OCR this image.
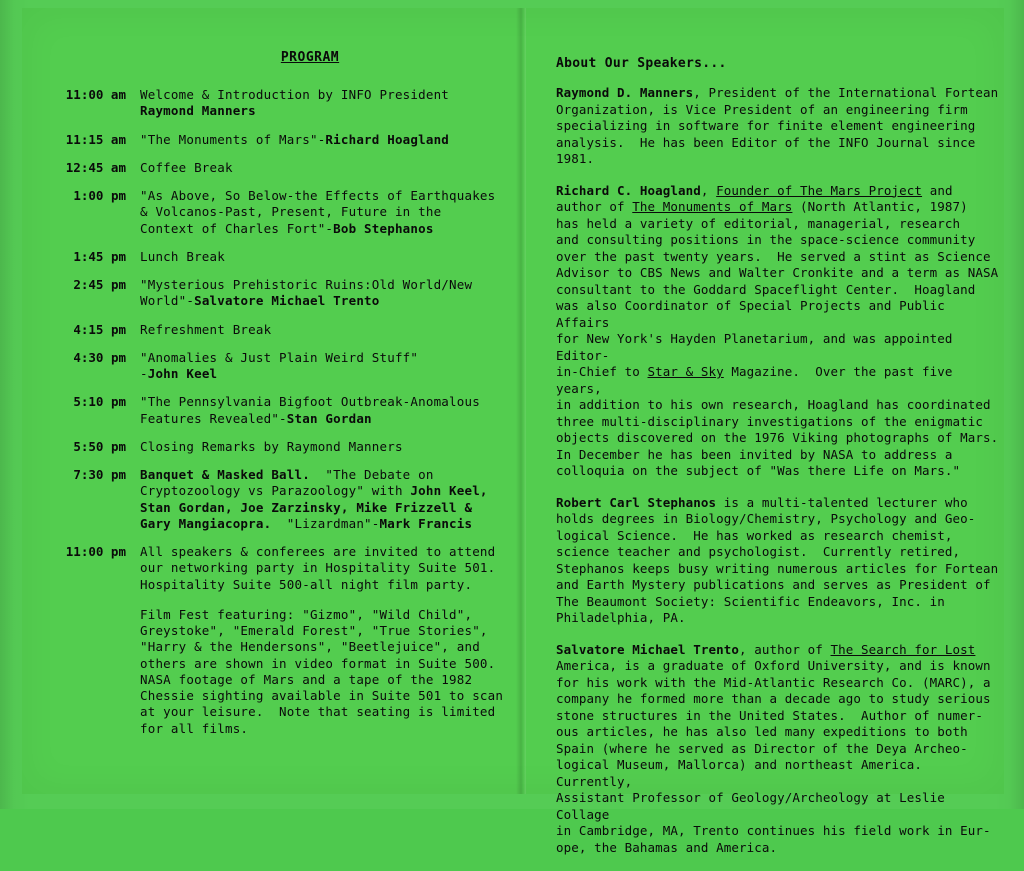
PROGRAM
11:00 am	Welcome & Introduction by INFO President
Raymond Manners
11:15 am	"The Monuments of Mars"-Richard Hoagland
12:45 am	Coffee Break
1:00 pm	"As Above, So Below-the Effects of Earthquakes
& Volcanos-Past, Present, Future in the
Context of Charles Fort"-Bob Stephanos
1:45 pm	Lunch Break
2:45 pm	"Mysterious Prehistoric Ruins:Old World/New
World"-Salvatore Michael Trento
4:15 pm	Refreshment Break
4:30 pm	"Anomalies & Just Plain Weird Stuff"
-John Keel
5:10 pm	"The Pennsylvania Bigfoot Outbreak-Anomalous
Features Revealed"-Stan Gordan
5:50 pm	Closing Remarks by Raymond Manners
7:30 pm	Banquet & Masked Ball.  "The Debate on
Cryptozoology vs Parazoology" with John Keel,
Stan Gordan, Joe Zarzinsky, Mike Frizzell &
Gary Mangiacopra.  "Lizardman"-Mark Francis
11:00 pm	All speakers & conferees are invited to attend
our networking party in Hospitality Suite 501.
Hospitality Suite 500-all night film party.
Film Fest featuring: "Gizmo", "Wild Child",
Greystoke", "Emerald Forest", "True Stories",
"Harry & the Hendersons", "Beetlejuice", and
others are shown in video format in Suite 500.
NASA footage of Mars and a tape of the 1982
Chessie sighting available in Suite 501 to scan
at your leisure.  Note that seating is limited
for all films.
About Our Speakers...
Raymond D. Manners, President of the International Fortean
Organization, is Vice President of an engineering firm
specializing in software for finite element engineering
analysis.  He has been Editor of the INFO Journal since
1981.
Richard C. Hoagland, Founder of The Mars Project and
author of The Monuments of Mars (North Atlantic, 1987)
has held a variety of editorial, managerial, research
and consulting positions in the space-science community
over the past twenty years.  He served a stint as Science
Advisor to CBS News and Walter Cronkite and a term as NASA
consultant to the Goddard Spaceflight Center.  Hoagland
was also Coordinator of Special Projects and Public Affairs
for New York's Hayden Planetarium, and was appointed Editor-
in-Chief to Star & Sky Magazine.  Over the past five years,
in addition to his own research, Hoagland has coordinated
three multi-disciplinary investigations of the enigmatic
objects discovered on the 1976 Viking photographs of Mars.
In December he has been invited by NASA to address a
colloquia on the subject of "Was there Life on Mars."
Robert Carl Stephanos is a multi-talented lecturer who
holds degrees in Biology/Chemistry, Psychology and Geo-
logical Science.  He has worked as research chemist,
science teacher and psychologist.  Currently retired,
Stephanos keeps busy writing numerous articles for Fortean
and Earth Mystery publications and serves as President of
The Beaumont Society: Scientific Endeavors, Inc. in
Philadelphia, PA.
Salvatore Michael Trento, author of The Search for Lost
America, is a graduate of Oxford University, and is known
for his work with the Mid-Atlantic Research Co. (MARC), a
company he formed more than a decade ago to study serious
stone structures in the United States.  Author of numer-
ous articles, he has also led many expeditions to both
Spain (where he served as Director of the Deya Archeo-
logical Museum, Mallorca) and northeast America.  Currently,
Assistant Professor of Geology/Archeology at Leslie Collage
in Cambridge, MA, Trento continues his field work in Eur-
ope, the Bahamas and America.
